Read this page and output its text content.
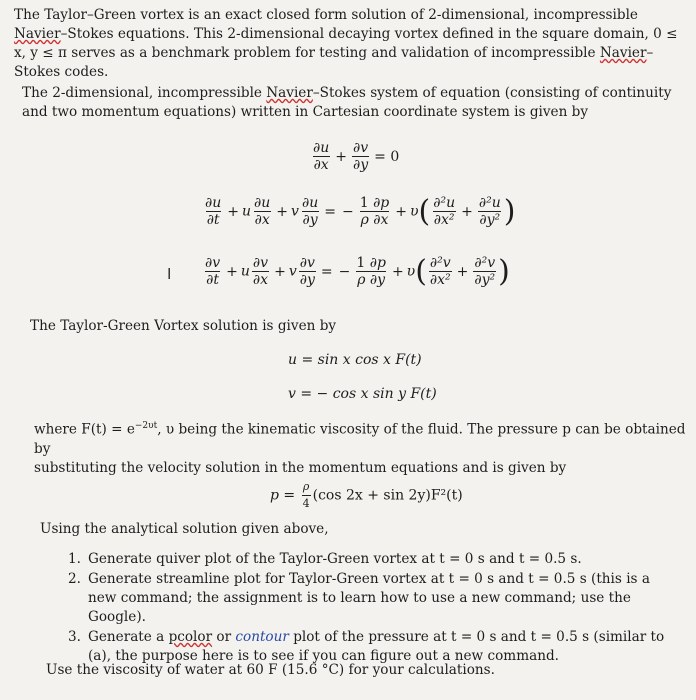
The Taylor–Green vortex is an exact closed form solution of 2-dimensional, incompressible Navier–Stokes equations. This 2-dimensional decaying vortex defined in the square domain, 0 ≤ x, y ≤ π serves as a benchmark problem for testing and validation of incompressible Navier–Stokes codes.

The 2-dimensional, incompressible Navier–Stokes system of equation (consisting of continuity and two momentum equations) written in Cartesian coordinate system is given by

$\frac{\partial u}{\partial x} + \frac{\partial v}{\partial y} = 0$
$\frac{\partial u}{\partial t} + u \frac{\partial u}{\partial x} + v \frac{\partial u}{\partial y}$ = − $\frac{1 \partial p}{\rho \partial x} + \upsilon( \frac{\text{∂²u}}{\text{∂x²}} + \frac{\text{∂²u}}{\text{∂y²}}$ )
$\frac{\partial v}{\partial t} + u \frac{\partial v}{\partial x} + v \frac{\partial v}{\partial y}$ = − $\frac{1 \partial p}{\rho \partial y} + \upsilon( \frac{\text{∂²v}}{\text{∂x²}} + \frac{\text{∂²v}}{\text{∂y²}}$ )
I

The Taylor-Green Vortex solution is given by

u = sin x cos x F(t)
v = − cos x sin y F(t)

where $F(t) = e^{-2\upsilon t}$, υ being the kinematic viscosity of the fluid. The pressure p can be obtained by
substituting the velocity solution in the momentum equations and is given by

$p = \frac{\rho}{4} (\cos$ 2x + sin 2y)F²(t)

Using the analytical solution given above,

1. Generate quiver plot of the Taylor-Green vortex at t = 0 s and t = 0.5 s.
2. Generate streamline plot for Taylor-Green vortex at t = 0 s and t = 0.5 s (this is a new command; the assignment is to learn how to use a new command; use the Google).
3. Generate a pcolor or contour plot of the pressure at t = 0 s and t = 0.5 s (similar to (a), the purpose here is to see if you can figure out a new command.

Use the viscosity of water at 60 F (15.6 °C) for your calculations.
